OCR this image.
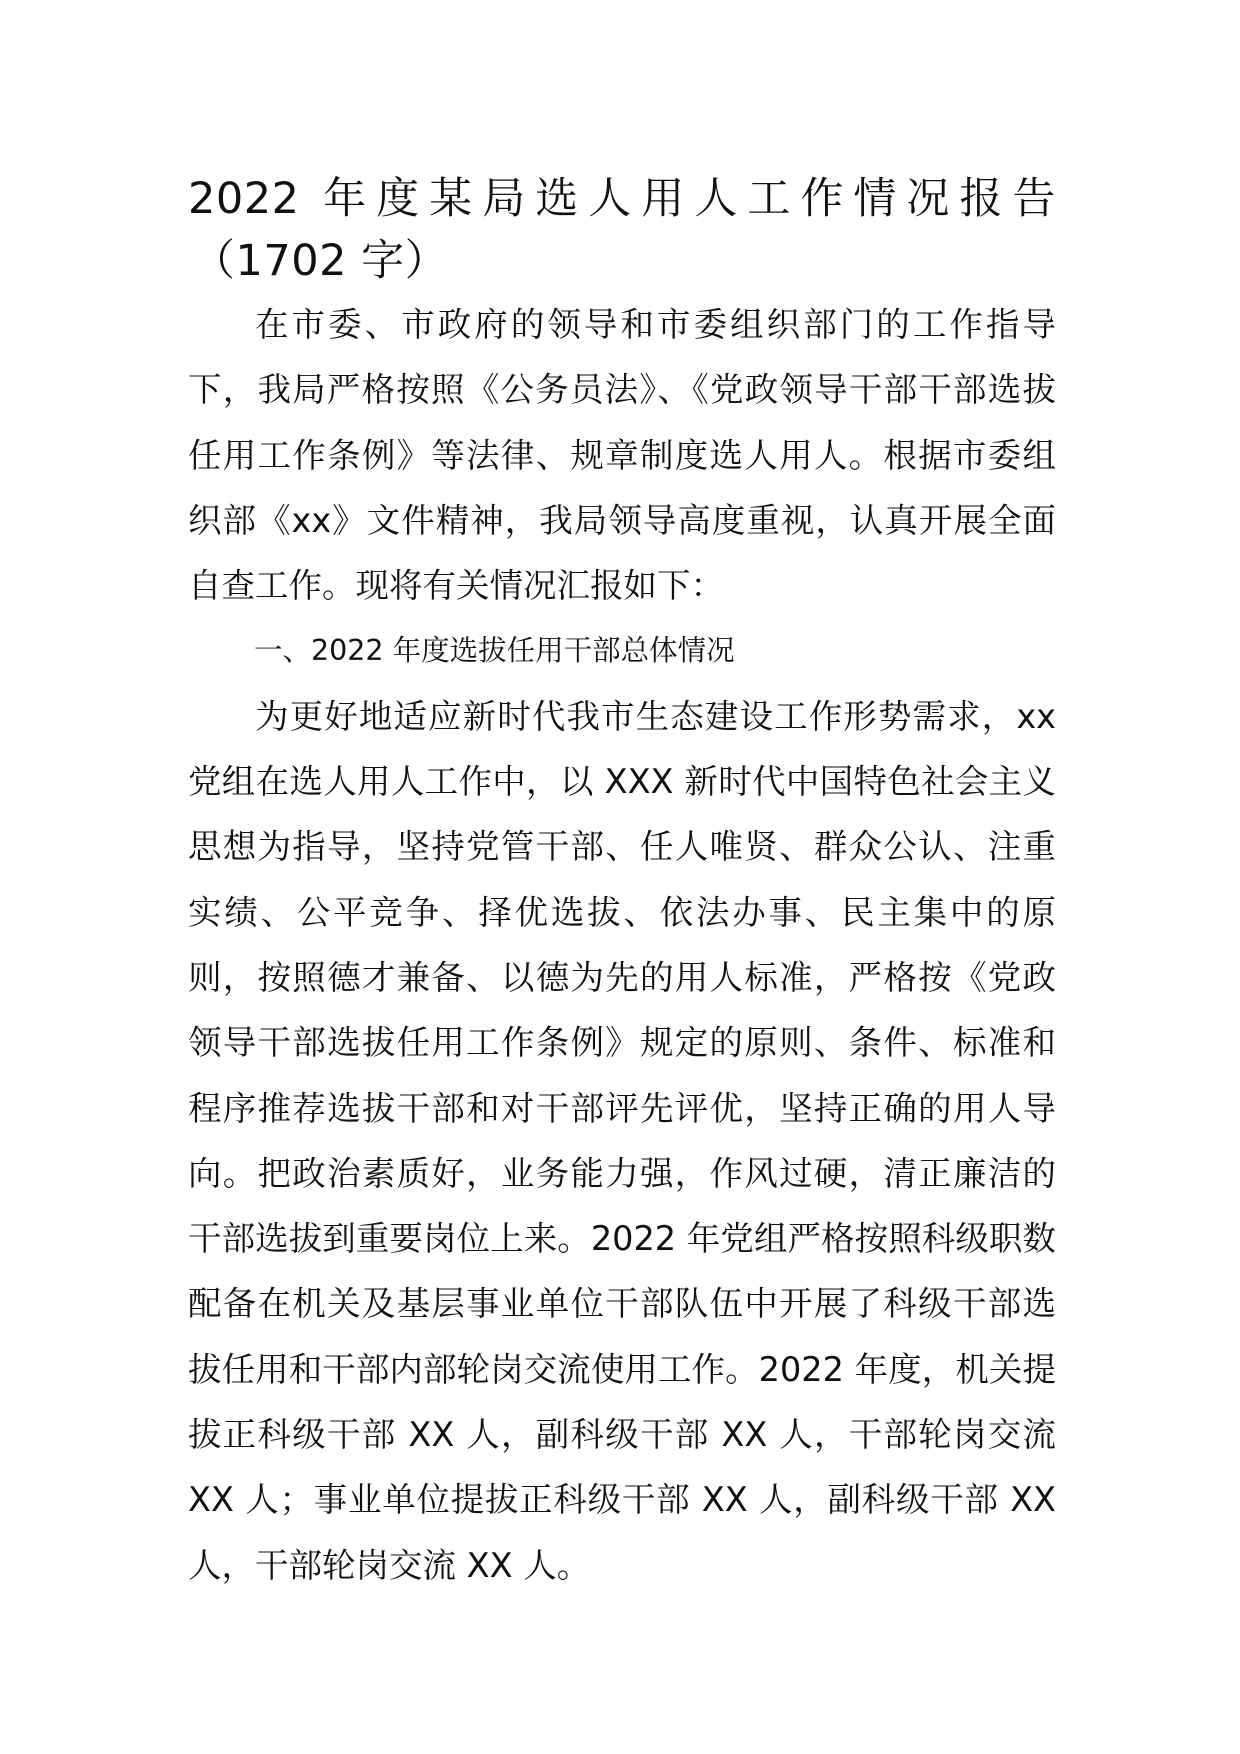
2022 年度某局选人用人工作情况报告
（1702 字）

在市委、市政府的领导和市委组织部门的工作指导下，我局严格按照《公务员法》、《党政领导干部干部选拔任用工作条例》等法律、规章制度选人用人。根据市委组织部《xx》文件精神，我局领导高度重视，认真开展全面自查工作。现将有关情况汇报如下：

一、2022 年度选拔任用干部总体情况

为更好地适应新时代我市生态建设工作形势需求，xx党组在选人用人工作中，以 XXX 新时代中国特色社会主义思想为指导，坚持党管干部、任人唯贤、群众公认、注重实绩、公平竞争、择优选拔、依法办事、民主集中的原则，按照德才兼备、以德为先的用人标准，严格按《党政领导干部选拔任用工作条例》规定的原则、条件、标准和程序推荐选拔干部和对干部评先评优，坚持正确的用人导向。把政治素质好，业务能力强，作风过硬，清正廉洁的干部选拔到重要岗位上来。2022 年党组严格按照科级职数配备在机关及基层事业单位干部队伍中开展了科级干部选拔任用和干部内部轮岗交流使用工作。2022 年度，机关提拔正科级干部 XX 人，副科级干部 XX 人，干部轮岗交流XX 人；事业单位提拔正科级干部 XX 人，副科级干部 XX人，干部轮岗交流 XX 人。
